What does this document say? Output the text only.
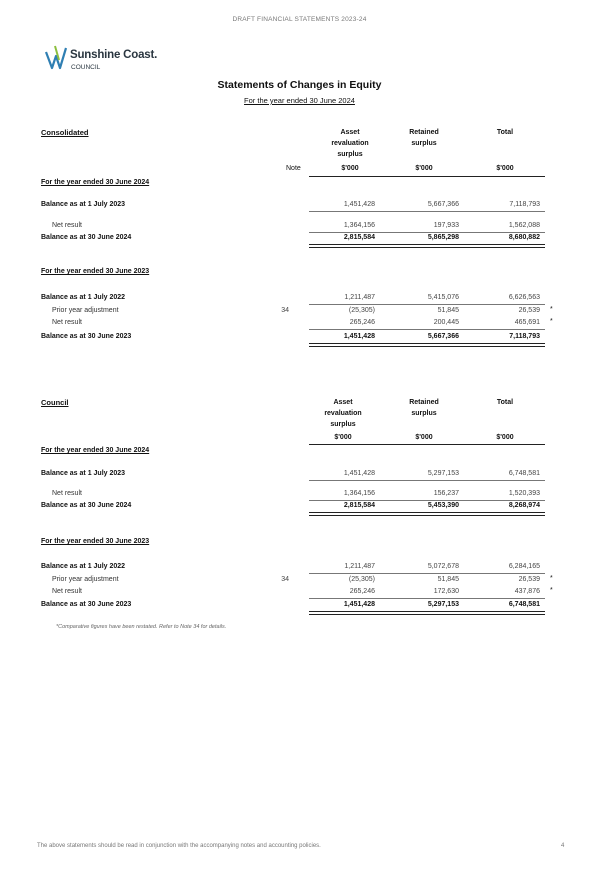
DRAFT FINANCIAL STATEMENTS 2023-24
Sunshine Coast.
COUNCIL
Statements of Changes in Equity
For the year ended 30 June 2024
Consolidated	Asset
revaluation
surplus
Retained
surplus
Total
Note	$'000	$'000	$'000
For the year ended 30 June 2024
Balance as at 1 July 2023	1,451,428	5,667,366	7,118,793
Net result	1,364,156	197,933	1,562,088
Balance as at 30 June 2024	2,815,584	5,865,298	8,680,882
For the year ended 30 June 2023
Balance as at 1 July 2022	1,211,487	5,415,076	6,626,563
Prior year adjustment	34	(25,305)	51,845	26,539 *
Net result	265,246	200,445	465,691 *
Balance as at 30 June 2023	1,451,428	5,667,366	7,118,793
Council	Asset
revaluation
surplus
Retained
surplus
Total
$'000	$'000	$'000
For the year ended 30 June 2024
Balance as at 1 July 2023	1,451,428	5,297,153	6,748,581
Net result	1,364,156	156,237	1,520,393
Balance as at 30 June 2024	2,815,584	5,453,390	8,268,974
For the year ended 30 June 2023
Balance as at 1 July 2022	1,211,487	5,072,678	6,284,165
Prior year adjustment	34	(25,305)	51,845	26,539 *
Net result	265,246	172,630	437,876 *
Balance as at 30 June 2023	1,451,428	5,297,153	6,748,581
*Comparative figures have been restated. Refer to Note 34 for details.
The above statements should be read in conjunction with the accompanying notes and accounting policies.	4
